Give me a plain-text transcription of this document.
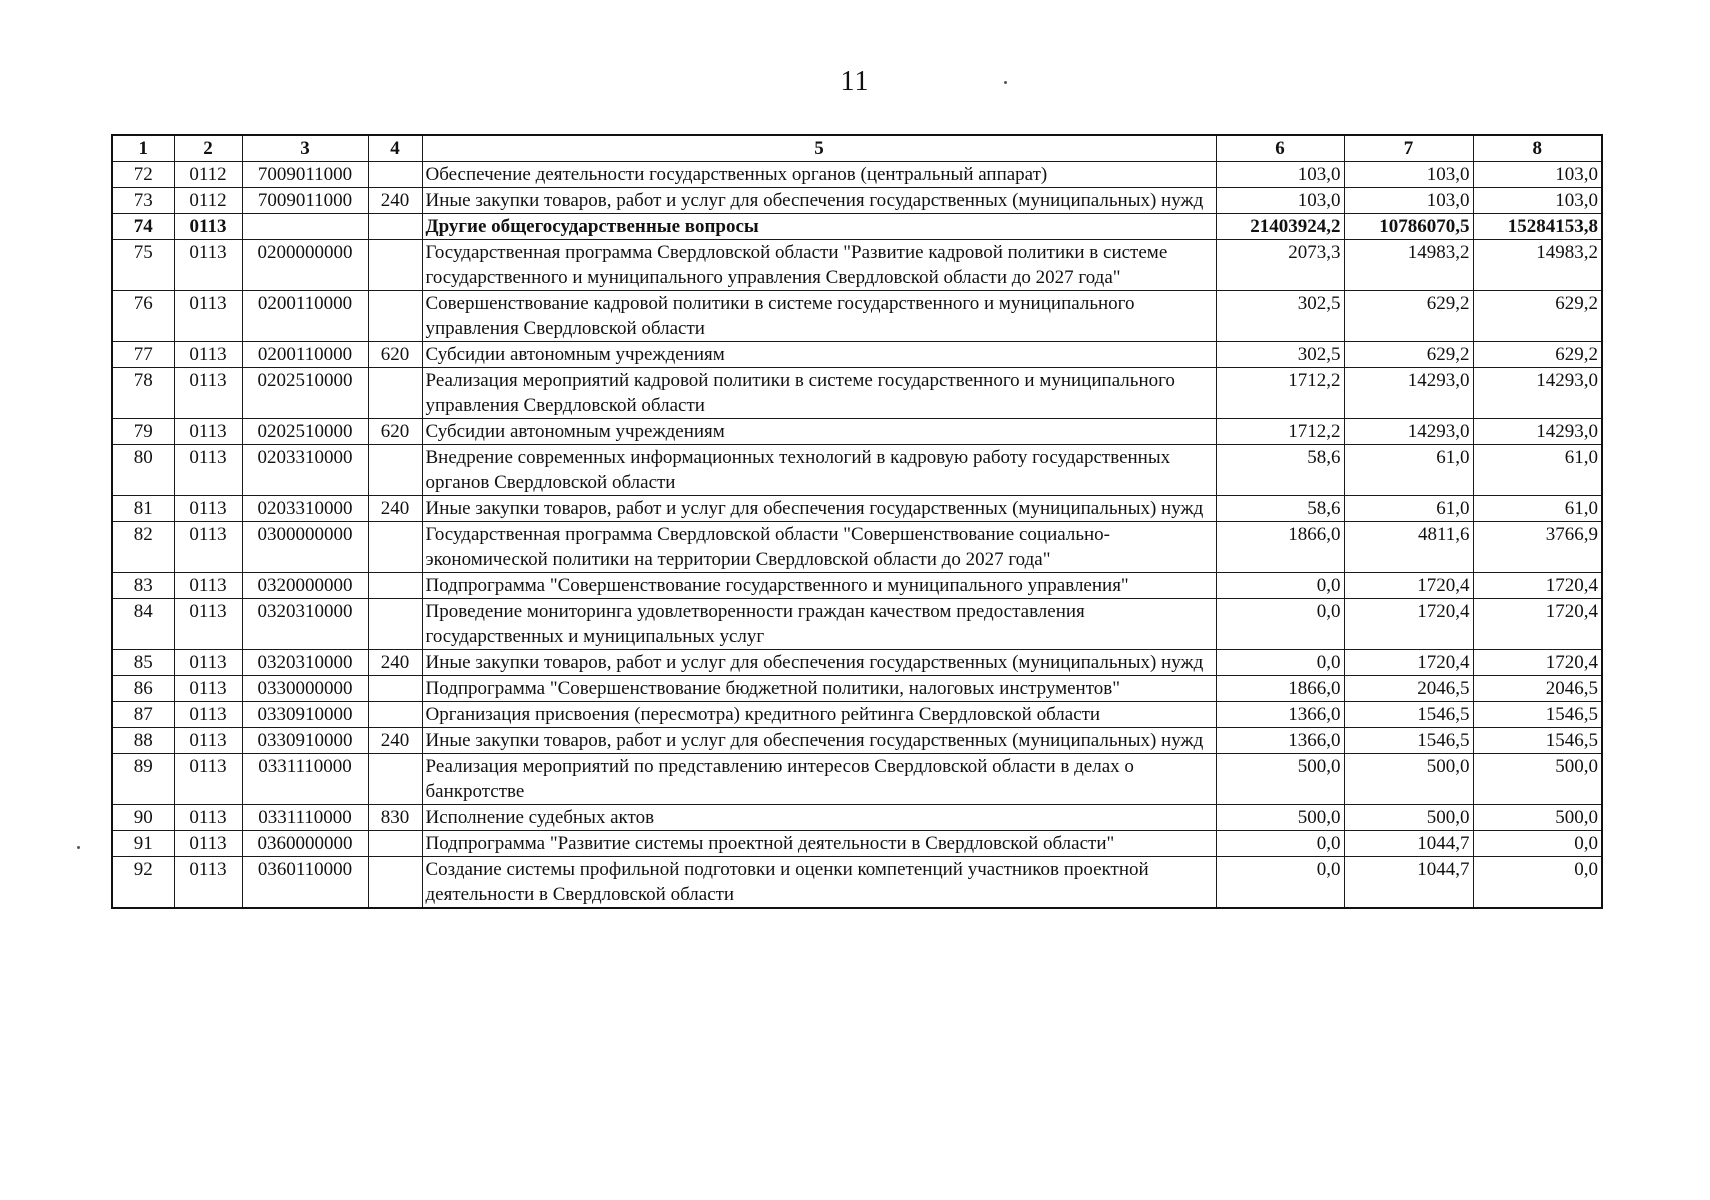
11
1	2	3	4	5	6	7	8
72	0112	7009011000		Обеспечение деятельности государственных органов (центральный аппарат)	103,0	103,0	103,0
73	0112	7009011000	240	Иные закупки товаров, работ и услуг для обеспечения государственных (муниципальных) нужд	103,0	103,0	103,0
74	0113			Другие общегосударственные вопросы	21403924,2	10786070,5	15284153,8
75	0113	0200000000		Государственная программа Свердловской области "Развитие кадровой политики в системе государственного и муниципального управления Свердловской области до 2027 года"	2073,3	14983,2	14983,2
76	0113	0200110000		Совершенствование кадровой политики в системе государственного и муниципального управления Свердловской области	302,5	629,2	629,2
77	0113	0200110000	620	Субсидии автономным учреждениям	302,5	629,2	629,2
78	0113	0202510000		Реализация мероприятий кадровой политики в системе государственного и муниципального управления Свердловской области	1712,2	14293,0	14293,0
79	0113	0202510000	620	Субсидии автономным учреждениям	1712,2	14293,0	14293,0
80	0113	0203310000		Внедрение современных информационных технологий в кадровую работу государственных органов Свердловской области	58,6	61,0	61,0
81	0113	0203310000	240	Иные закупки товаров, работ и услуг для обеспечения государственных (муниципальных) нужд	58,6	61,0	61,0
82	0113	0300000000		Государственная программа Свердловской области "Совершенствование социально-экономической политики на территории Свердловской области до 2027 года"	1866,0	4811,6	3766,9
83	0113	0320000000		Подпрограмма "Совершенствование государственного и муниципального управления"	0,0	1720,4	1720,4
84	0113	0320310000		Проведение мониторинга удовлетворенности граждан качеством предоставления государственных и муниципальных услуг	0,0	1720,4	1720,4
85	0113	0320310000	240	Иные закупки товаров, работ и услуг для обеспечения государственных (муниципальных) нужд	0,0	1720,4	1720,4
86	0113	0330000000		Подпрограмма "Совершенствование бюджетной политики, налоговых инструментов"	1866,0	2046,5	2046,5
87	0113	0330910000		Организация присвоения (пересмотра) кредитного рейтинга Свердловской области	1366,0	1546,5	1546,5
88	0113	0330910000	240	Иные закупки товаров, работ и услуг для обеспечения государственных (муниципальных) нужд	1366,0	1546,5	1546,5
89	0113	0331110000		Реализация мероприятий по представлению интересов Свердловской области в делах о банкротстве	500,0	500,0	500,0
90	0113	0331110000	830	Исполнение судебных актов	500,0	500,0	500,0
91	0113	0360000000		Подпрограмма "Развитие системы проектной деятельности в Свердловской области"	0,0	1044,7	0,0
92	0113	0360110000		Создание системы профильной подготовки и оценки компетенций участников проектной деятельности в Свердловской области	0,0	1044,7	0,0
